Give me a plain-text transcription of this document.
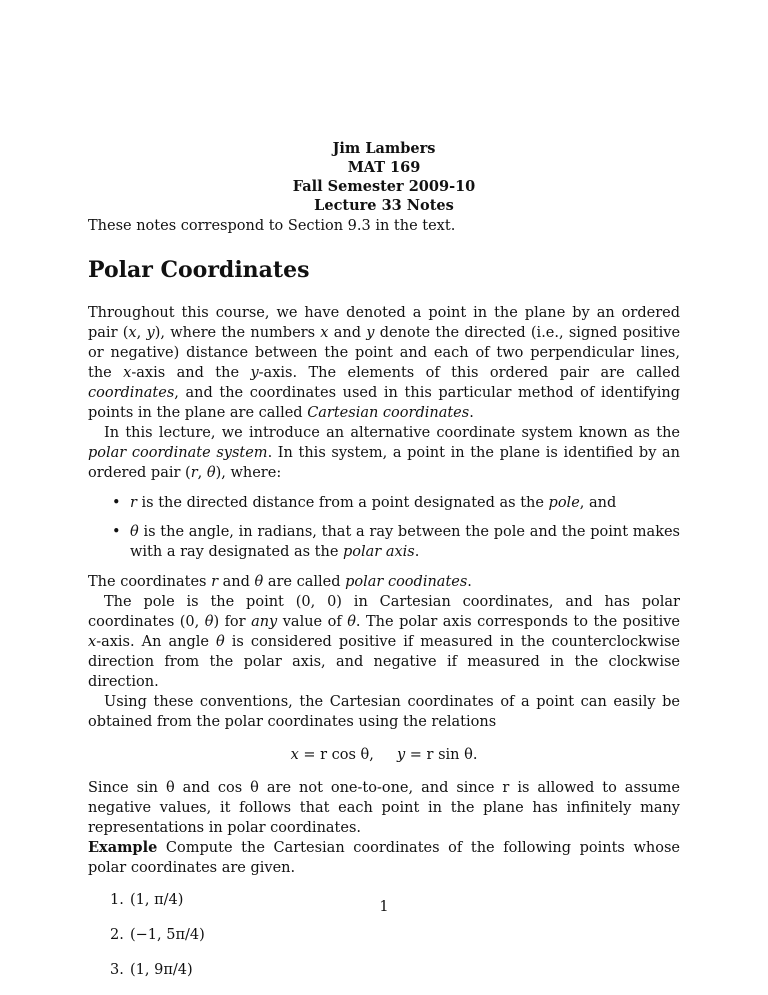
Jim Lambers
MAT 169
Fall Semester 2009-10
Lecture 33 Notes
These notes correspond to Section 9.3 in the text.
Polar Coordinates

Throughout this course, we have denoted a point in the plane by an ordered pair (x, y), where the numbers x and y denote the directed (i.e., signed positive or negative) distance between the point and each of two perpendicular lines, the x-axis and the y-axis. The elements of this ordered pair are called coordinates, and the coordinates used in this particular method of identifying points in the plane are called Cartesian coordinates.

In this lecture, we introduce an alternative coordinate system known as the polar coordinate system. In this system, a point in the plane is identified by an ordered pair (r, θ), where:

• r is the directed distance from a point designated as the pole, and
• θ is the angle, in radians, that a ray between the pole and the point makes with a ray designated as the polar axis.

The coordinates r and θ are called polar coodinates.

The pole is the point (0, 0) in Cartesian coordinates, and has polar coordinates (0, θ) for any value of θ. The polar axis corresponds to the positive x-axis. An angle θ is considered positive if measured in the counterclockwise direction from the polar axis, and negative if measured in the clockwise direction.

Using these conventions, the Cartesian coordinates of a point can easily be obtained from the polar coordinates using the relations

x = r cos θ, y = r sin θ.

Since sin θ and cos θ are not one-to-one, and since r is allowed to assume negative values, it follows that each point in the plane has infinitely many representations in polar coordinates.

Example Compute the Cartesian coordinates of the following points whose polar coordinates are given.

1. (1, π/4)
2. (−1, 5π/4)
3. (1, 9π/4)
1
